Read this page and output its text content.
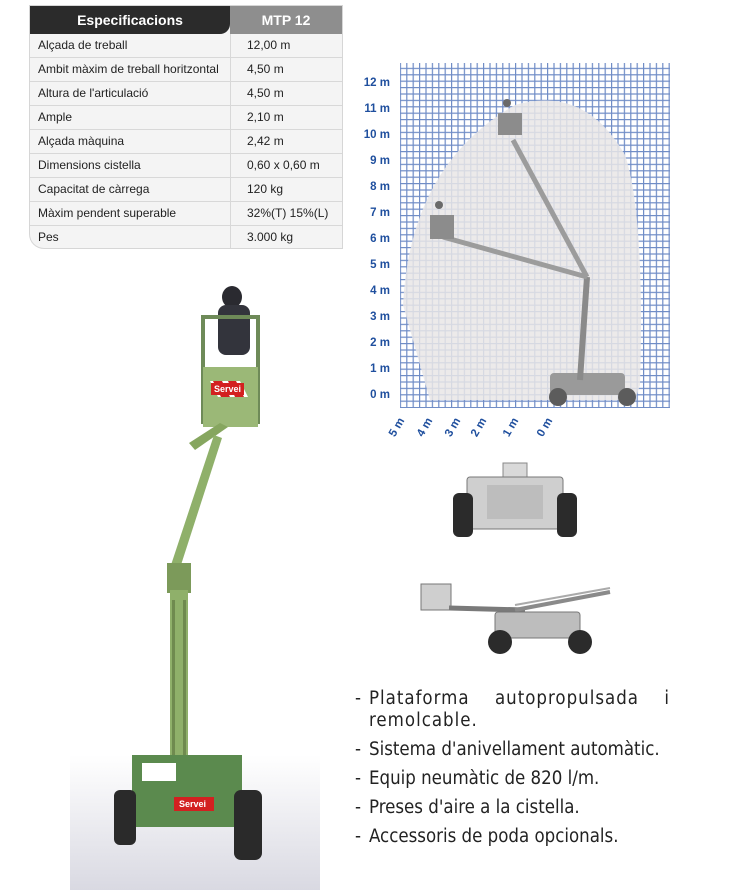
Especificacions	MTP 12
Alçada de treball	12,00 m
Ambit màxim de treball horitzontal	4,50 m
Altura de l'articulació	4,50 m
Ample	2,10 m
Alçada màquina	2,42 m
Dimensions cistella	0,60 x 0,60 m
Capacitat de càrrega	120 kg
Màxim pendent superable	32%(T) 15%(L)
Pes	3.000 kg
12 m
11 m
10 m
9 m
8 m
7 m
6 m
5 m
4 m
3 m
2 m
1 m
0 m
5 m 4 m 3 m 2 m 1 m 0 m
Servei
Servei
- Plataforma autopropulsada i remolcable.
- Sistema d'anivellament automàtic.
- Equip neumàtic de 820 l/m.
- Preses d'aire a la cistella.
- Accessoris de poda opcionals.
